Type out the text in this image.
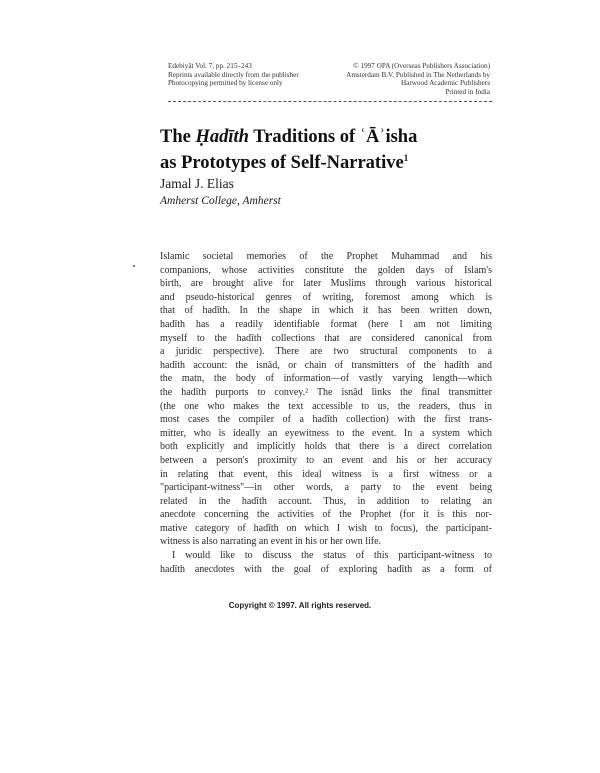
Edebiyât Vol. 7, pp. 215–243
Reprints available directly from the publisher
Photocopying permitted by license only
© 1997 OPA (Overseas Publishers Association)
Amsterdam B.V. Published in The Netherlands by
Harwood Academic Publishers
Printed in India
The Ḥadīth Traditions of ʿĀʾisha
as Prototypes of Self-Narrative$^1$
Jamal J. Elias
Amherst College, Amherst
Islamic societal memories of the Prophet Muhammad and his
companions, whose activities constitute the golden days of Islam's
birth, are brought alive for later Muslims through various historical
and pseudo-historical genres of writing, foremost among which is
that of hadīth. In the shape in which it has been written down,
hadīth has a readily identifiable format (here I am not limiting
myself to the hadīth collections that are considered canonical from
a juridic perspective). There are two structural components to a
hadīth account: the isnād, or chain of transmitters of the hadīth and
the matn, the body of information—of vastly varying length—which
the hadīth purports to convey.² The isnād links the final transmitter
(the one who makes the text accessible to us, the readers, thus in
most cases the compiler of a hadīth collection) with the first trans-
mitter, who is ideally an eyewitness to the event. In a system which
both explicitly and implicitly holds that there is a direct correlation
between a person's proximity to an event and his or her accuracy
in relating that event, this ideal witness is a first witness or a
"participant-witness"—in other words, a party to the event being
related in the hadīth account. Thus, in addition to relating an
anecdote concerning the activities of the Prophet (for it is this nor-
mative category of hadīth on which I wish to focus), the participant-
witness is also narrating an event in his or her own life.
I would like to discuss the status of this participant-witness to
hadīth anecdotes with the goal of exploring hadīth as a form of
Copyright © 1997. All rights reserved.
